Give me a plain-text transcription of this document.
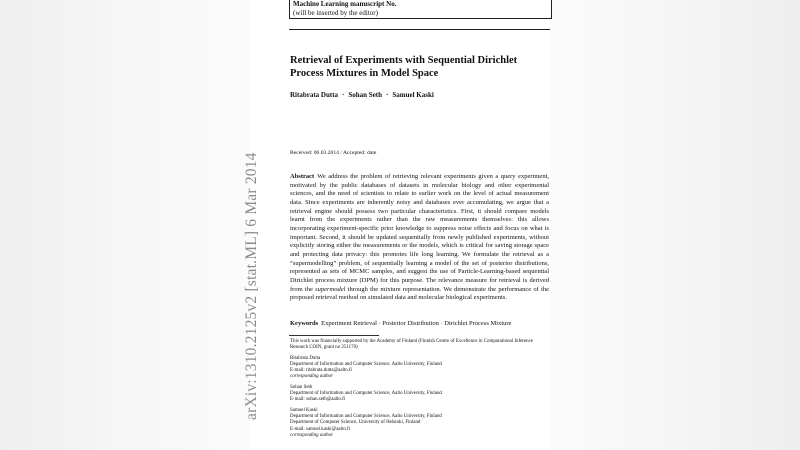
arXiv:1310.2125v2 [stat.ML] 6 Mar 2014
Machine Learning manuscript No.
(will be inserted by the editor)
Retrieval of Experiments with Sequential Dirichlet Process Mixtures in Model Space
Ritabrata Dutta · Sohan Seth · Samuel Kaski
Received: 06.03.2014 / Accepted: date

Abstract We address the problem of retrieving relevant experiments given a query experiment, motivated by the public databases of datasets in molecular biology and other experimental sciences, and the need of scientists to relate to earlier work on the level of actual measurement data. Since experiments are inherently noisy and databases ever accumulating, we argue that a retrieval engine should possess two particular characteristics. First, it should compare models learnt from the experiments rather than the raw measurements themselves: this allows incorporating experiment-specific prior knowledge to suppress noise effects and focus on what is important. Second, it should be updated sequentially from newly published experiments, without explicitly storing either the measurements or the models, which is critical for saving storage space and protecting data privacy: this promotes life long learning. We formulate the retrieval as a “supermodelling” problem, of sequentially learning a model of the set of posterior distributions, represented as sets of MCMC samples, and suggest the use of Particle-Learning-based sequential Dirichlet process mixture (DPM) for this purpose. The relevance measure for retrieval is derived from the supermodel through the mixture representation. We demonstrate the performance of the proposed retrieval method on simulated data and molecular biological experiments.

Keywords Experiment Retrieval · Posterior Distribution · Dirichlet Process Mixture
This work was financially supported by the Academy of Finland (Finnish Centre of Excellence in Computational Inference Research COIN, grant no 251170)
Ritabrata Dutta
Department of Information and Computer Science, Aalto University, Finland
E-mail: ritabrata.dutta@aalto.fi
corresponding author
Sohan Seth
Department of Information and Computer Science, Aalto University, Finland
E-mail: sohan.seth@aalto.fi
Samuel Kaski
Department of Information and Computer Science, Aalto University, Finland
Department of Computer Science, University of Helsinki, Finland
E-mail: samuel.kaski@aalto.fi
corresponding author
